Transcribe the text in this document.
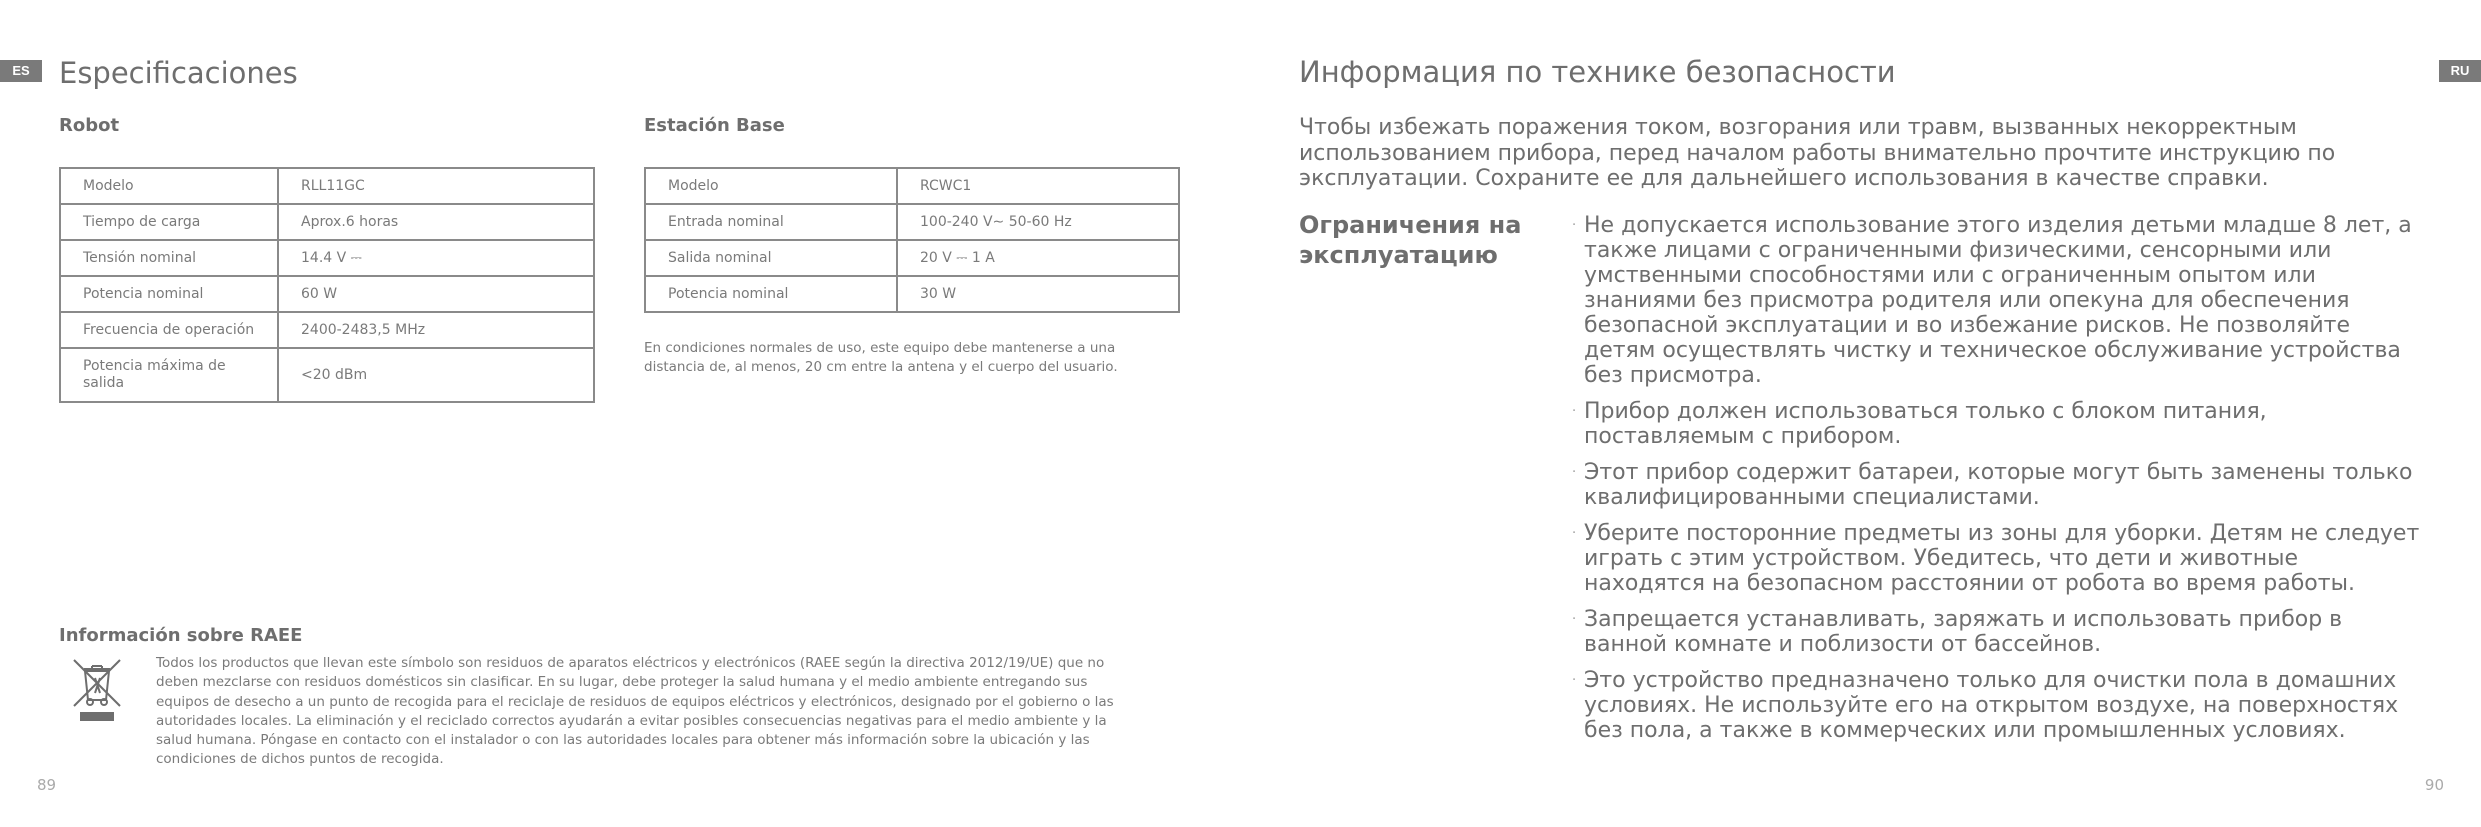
ES	Especificaciones
Robot
Modelo	RLL11GC
Tiempo de carga	Aprox.6 horas
Tensión nominal	14.4 V ⎓
Potencia nominal	60 W
Frecuencia de operación	2400-2483,5 MHz
Potencia máxima de salida	<20 dBm
Estación Base
Modelo	RCWC1
Entrada nominal	100-240 V∼ 50-60 Hz
Salida nominal	20 V ⎓ 1 A
Potencia nominal	30 W
En condiciones normales de uso, este equipo debe mantenerse a una distancia de, al menos, 20 cm entre la antena y el cuerpo del usuario.
Información sobre RAEE
Todos los productos que llevan este símbolo son residuos de aparatos eléctricos y electrónicos (RAEE según la directiva 2012/19/UE) que no deben mezclarse con residuos domésticos sin clasificar. En su lugar, debe proteger la salud humana y el medio ambiente entregando sus equipos de desecho a un punto de recogida para el reciclaje de residuos de equipos eléctricos y electrónicos, designado por el gobierno o las autoridades locales. La eliminación y el reciclado correctos ayudarán a evitar posibles consecuencias negativas para el medio ambiente y la salud humana. Póngase en contacto con el instalador o con las autoridades locales para obtener más información sobre la ubicación y las condiciones de dichos puntos de recogida.
89
RU
Информация по технике безопасности
Чтобы избежать поражения током, возгорания или травм, вызванных некорректным использованием прибора, перед началом работы внимательно прочтите инструкцию по эксплуатации. Сохраните ее для дальнейшего использования в качестве справки.
Ограничения на эксплуатацию
· Не допускается использование этого изделия детьми младше 8 лет, а также лицами с ограниченными физическими, сенсорными или умственными способностями или с ограниченным опытом или знаниями без присмотра родителя или опекуна для обеспечения безопасной эксплуатации и во избежание рисков. Не позволяйте детям осуществлять чистку и техническое обслуживание устройства без присмотра.
· Прибор должен использоваться только с блоком питания, поставляемым с прибором.
· Этот прибор содержит батареи, которые могут быть заменены только квалифицированными специалистами.
· Уберите посторонние предметы из зоны для уборки. Детям не следует играть с этим устройством. Убедитесь, что дети и животные находятся на безопасном расстоянии от робота во время работы.
· Запрещается устанавливать, заряжать и использовать прибор в ванной комнате и поблизости от бассейнов.
· Это устройство предназначено только для очистки пола в домашних условиях. Не используйте его на открытом воздухе, на поверхностях без пола, а также в коммерческих или промышленных условиях.
90
